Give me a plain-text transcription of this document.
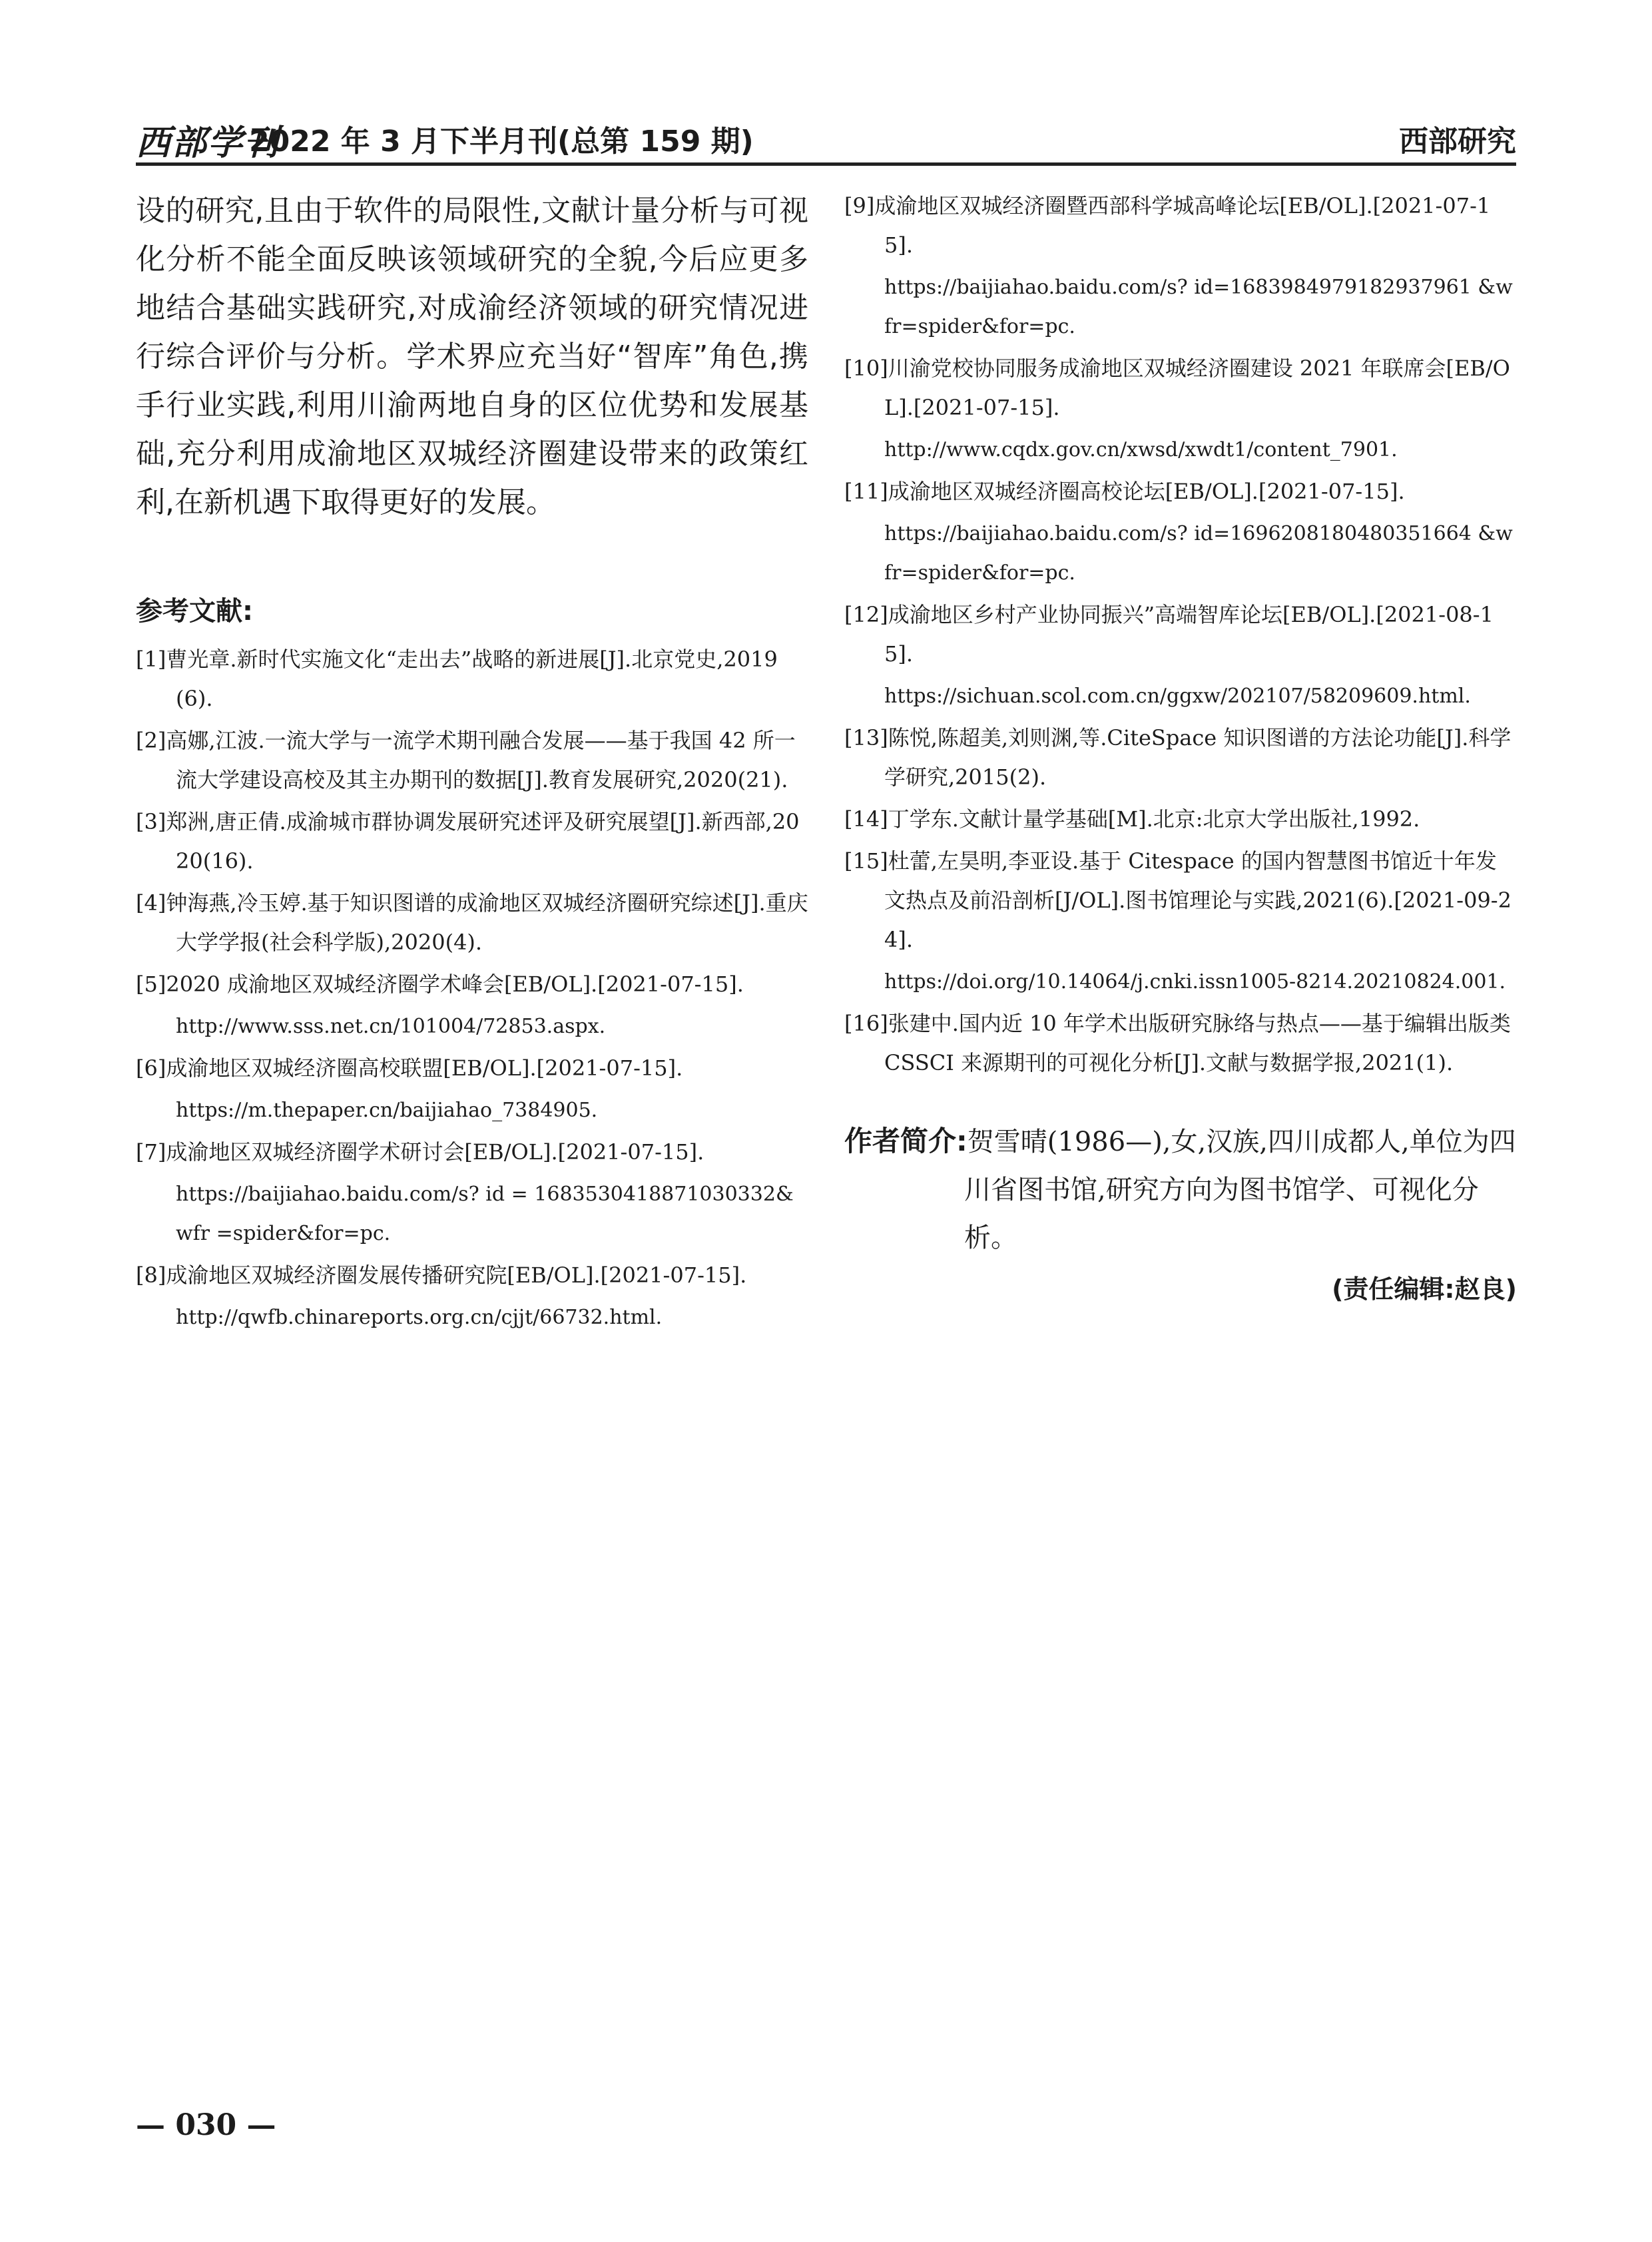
西部学刊
2022 年 3 月下半月刊(总第 159 期)	西部研究

设的研究,且由于软件的局限性,文献计量分析与可视化分析不能全面反映该领域研究的全貌,今后应更多地结合基础实践研究,对成渝经济领域的研究情况进行综合评价与分析。学术界应充当好“智库”角色,携手行业实践,利用川渝两地自身的区位优势和发展基础,充分利用成渝地区双城经济圈建设带来的政策红利,在新机遇下取得更好的发展。

参考文献:

[1]曹光章.新时代实施文化“走出去”战略的新进展[J].北京党史,2019(6).

[2]高娜,江波.一流大学与一流学术期刊融合发展——基于我国 42 所一流大学建设高校及其主办期刊的数据[J].教育发展研究,2020(21).

[3]郑洲,唐正倩.成渝城市群协调发展研究述评及研究展望[J].新西部,2020(16).

[4]钟海燕,冷玉婷.基于知识图谱的成渝地区双城经济圈研究综述[J].重庆大学学报(社会科学版),2020(4).

[5]2020 成渝地区双城经济圈学术峰会[EB/OL].[2021-07-15].
http://www.sss.net.cn/101004/72853.aspx.

[6]成渝地区双城经济圈高校联盟[EB/OL].[2021-07-15].
https://m.thepaper.cn/baijiahao_7384905.

[7]成渝地区双城经济圈学术研讨会[EB/OL].[2021-07-15].
https://baijiahao.baidu.com/s? id = 1683530418871030332&wfr =spider&for=pc.

[8]成渝地区双城经济圈发展传播研究院[EB/OL].[2021-07-15].
http://qwfb.chinareports.org.cn/cjjt/66732.html.

[9]成渝地区双城经济圈暨西部科学城高峰论坛[EB/OL].[2021-07-15].
https://baijiahao.baidu.com/s? id=1683984979182937961 &wfr=spider&for=pc.

[10]川渝党校协同服务成渝地区双城经济圈建设 2021 年联席会[EB/OL].[2021-07-15].
http://www.cqdx.gov.cn/xwsd/xwdt1/content_7901.

[11]成渝地区双城经济圈高校论坛[EB/OL].[2021-07-15].
https://baijiahao.baidu.com/s? id=1696208180480351664 &wfr=spider&for=pc.

[12]成渝地区乡村产业协同振兴”高端智库论坛[EB/OL].[2021-08-15].
https://sichuan.scol.com.cn/ggxw/202107/58209609.html.

[13]陈悦,陈超美,刘则渊,等.CiteSpace 知识图谱的方法论功能[J].科学学研究,2015(2).

[14]丁学东.文献计量学基础[M].北京:北京大学出版社,1992.

[15]杜蕾,左昊明,李亚设.基于 Citespace 的国内智慧图书馆近十年发文热点及前沿剖析[J/OL].图书馆理论与实践,2021(6).[2021-09-24].
https://doi.org/10.14064/j.cnki.issn1005-8214.20210824.001.

[16]张建中.国内近 10 年学术出版研究脉络与热点——基于编辑出版类 CSSCI 来源期刊的可视化分析[J].文献与数据学报,2021(1).

作者简介:贺雪晴(1986—),女,汉族,四川成都人,单位为四川省图书馆,研究方向为图书馆学、可视化分析。
(责任编辑:赵良)
— 030 —
